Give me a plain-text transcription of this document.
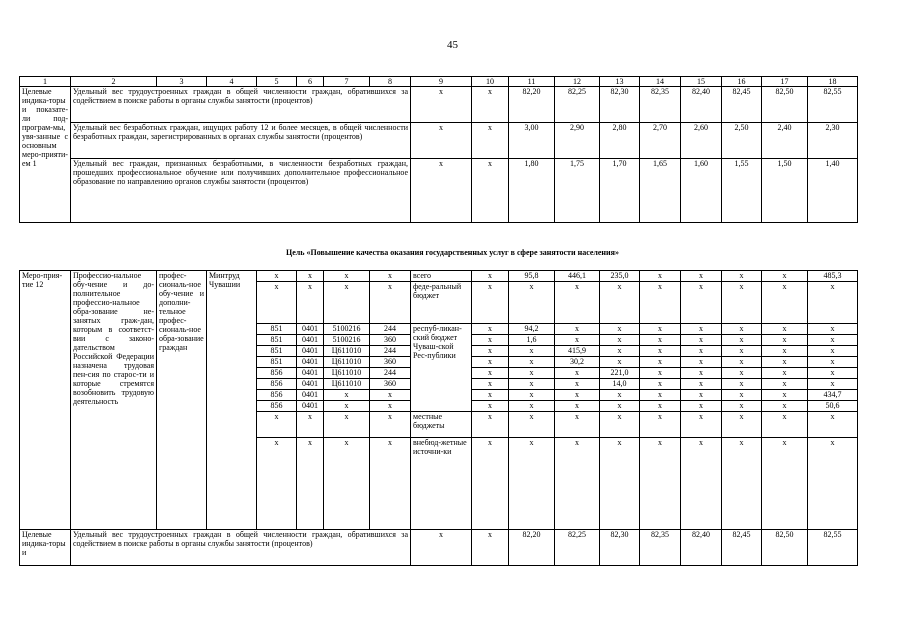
45
1	2	3	4	5	6	7	8	9	10	11	12	13	14	15	16	17	18
Целевые индика-торы и показате-ли под-програм-мы, увя-занные с основным меро-прияти-ем 1	Удельный вес трудоустроенных граждан в общей численности граждан, обратившихся за содействием в поиске работы в органы службы занятости (процентов)							х	х	82,20	82,25	82,30	82,35	82,40	82,45	82,50	82,55
	Удельный вес безработных граждан, ищущих работу 12 и более месяцев, в общей численности безработных граждан, зарегистрированных в органах службы занятости (процентов)							х	х	3,00	2,90	2,80	2,70	2,60	2,50	2,40	2,30
	Удельный вес граждан, признанных безработными, в численности безработных граждан, прошедших профессиональное обучение или получивших дополнительное профессиональное образование по направлению органов службы занятости (процентов)							х	х	1,80	1,75	1,70	1,65	1,60	1,55	1,50	1,40
Цель «Повышение качества оказания государственных услуг в сфере занятости населения»
Меро-прия-тие 12	Профессио-нальное обу-чение и до-полнительное профессио-нальное обра-зование не-занятых граж-дан, которым в соответст-вии с законо-дательством Российской Федерации назначена трудовая пен-сия по старос-ти и которые стремятся возобновить трудовую деятельность	профес-сиональ-ное обу-чение и дополни-тельное профес-сиональ-ное обра-зование граждан	Минтруд Чувашии	х	х	х	х	всего	х	95,8	446,1	235,0	х	х	х	х	485,3
				х	х	х	х	феде-ральный бюджет	х	х	х	х	х	х	х	х	х
				851	0401	5100216	244	респуб-ликан-ский бюджет Чуваш-ской Рес-публики	х	94,2	х	х	х	х	х	х	х
				851	0401	5100216	360		х	1,6	х	х	х	х	х	х	х
				851	0401	Ц611010	244		х	х	415,9	х	х	х	х	х	х
				851	0401	Ц611010	360		х	х	30,2	х	х	х	х	х	х
				856	0401	Ц611010	244		х	х	х	221,0	х	х	х	х	х
				856	0401	Ц611010	360		х	х	х	14,0	х	х	х	х	х
				856	0401	х	х		х	х	х	х	х	х	х	х	434,7
				856	0401	х	х		х	х	х	х	х	х	х	х	50,6
				х	х	х	х	местные бюджеты	х	х	х	х	х	х	х	х	х
				х	х	х	х	внебюд-жетные источни-ки	х	х	х	х	х	х	х	х	х
Целевые индика-торы и	Удельный вес трудоустроенных граждан в общей численности граждан, обратившихся за содействием в поиске работы в органы службы занятости (процентов)							х	х	82,20	82,25	82,30	82,35	82,40	82,45	82,50	82,55
